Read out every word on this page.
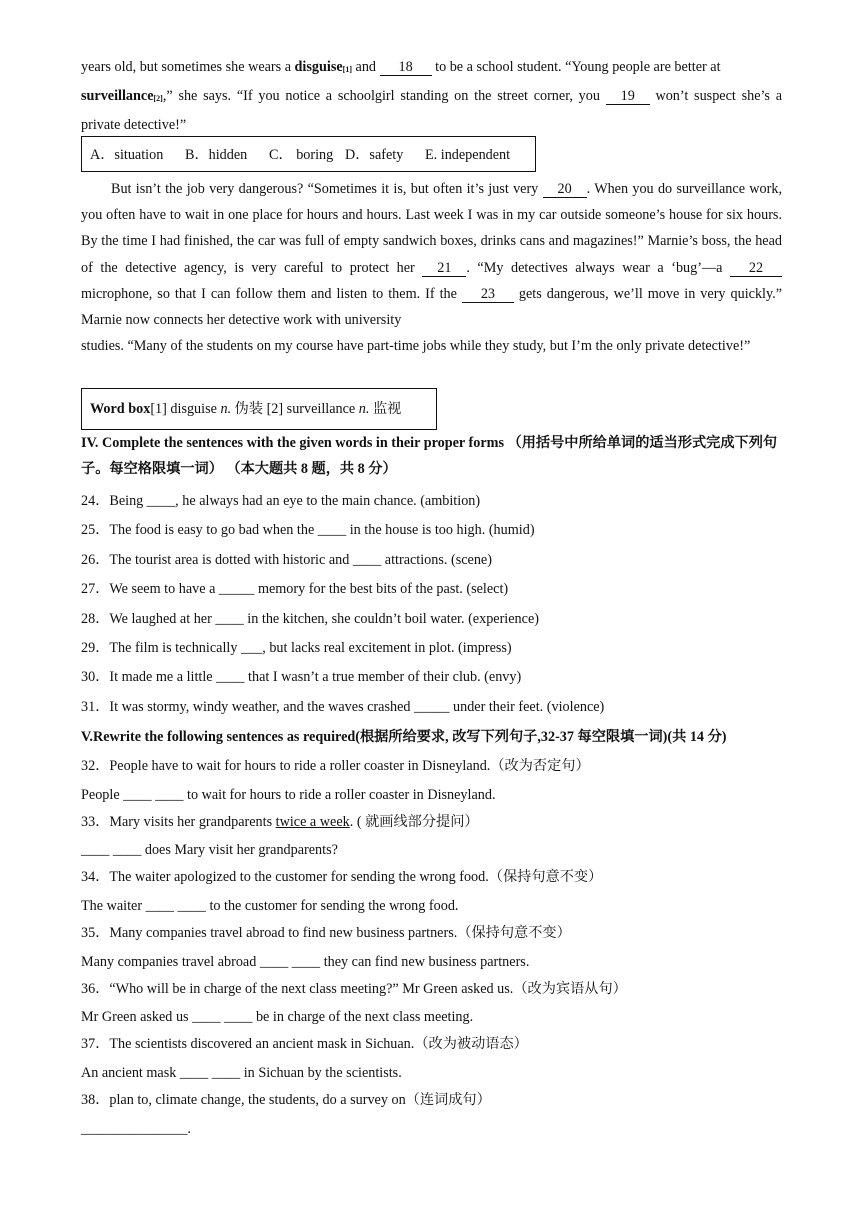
years old, but sometimes she wears a disguise$_{[1]}$ and 18 to be a school student. “Young people are better at
surveillance$_{[2]}$,” she says. “If you notice a schoolgirl standing on the street corner, you 19 won’t suspect she’s a private detective!”
A．situation B．hidden C． boring D．safety E. independent
But isn’t the job very dangerous? “Sometimes it is, but often it’s just very 20 . When you do surveillance work, you often have to wait in one place for hours and hours. Last week I was in my car outside someone’s house for six hours. By the time I had finished, the car was full of empty sandwich boxes, drinks cans and magazines!” Marnie’s boss, the head of the detective agency, is very careful to protect her 21 . “My detectives always wear a ‘bug’—a 22 microphone, so that I can follow them and listen to them. If the 23 gets dangerous, we’ll move in very quickly.” Marnie now connects her detective work with university
studies. “Many of the students on my course have part-time jobs while they study, but I’m the only private detective!”
Word box[1] disguise n. 伪装 [2] surveillance n. 监视
IV. Complete the sentences with the given words in their proper forms （用括号中所给单词的适当形式完成下列句子。每空格限填一词） （本大题共 8 题，共 8 分）
24．Being ____, he always had an eye to the main chance. (ambition)
25．The food is easy to go bad when the ____ in the house is too high. (humid)
26．The tourist area is dotted with historic and ____ attractions. (scene)
27．We seem to have a _____ memory for the best bits of the past. (select)
28．We laughed at her ____ in the kitchen, she couldn’t boil water. (experience)
29．The film is technically ___, but lacks real excitement in plot. (impress)
30．It made me a little ____ that I wasn’t a true member of their club. (envy)
31．It was stormy, windy weather, and the waves crashed _____ under their feet. (violence)
V.Rewrite the following sentences as required(根据所给要求, 改写下列句子,32-37 每空限填一词)(共 14 分)
32．People have to wait for hours to ride a roller coaster in Disneyland.（改为否定句）
People ____ ____ to wait for hours to ride a roller coaster in Disneyland.
33．Mary visits her grandparents twice a week. ( 就画线部分提问）
____ ____ does Mary visit her grandparents?
34．The waiter apologized to the customer for sending the wrong food.（保持句意不变）
The waiter ____ ____ to the customer for sending the wrong food.
35．Many companies travel abroad to find new business partners.（保持句意不变）
Many companies travel abroad ____ ____ they can find new business partners.
36．“Who will be in charge of the next class meeting?” Mr Green asked us.（改为宾语从句）
Mr Green asked us ____ ____ be in charge of the next class meeting.
37．The scientists discovered an ancient mask in Sichuan.（改为被动语态）
An ancient mask ____ ____ in Sichuan by the scientists.
38．plan to, climate change, the students, do a survey on（连词成句）
_______________.
